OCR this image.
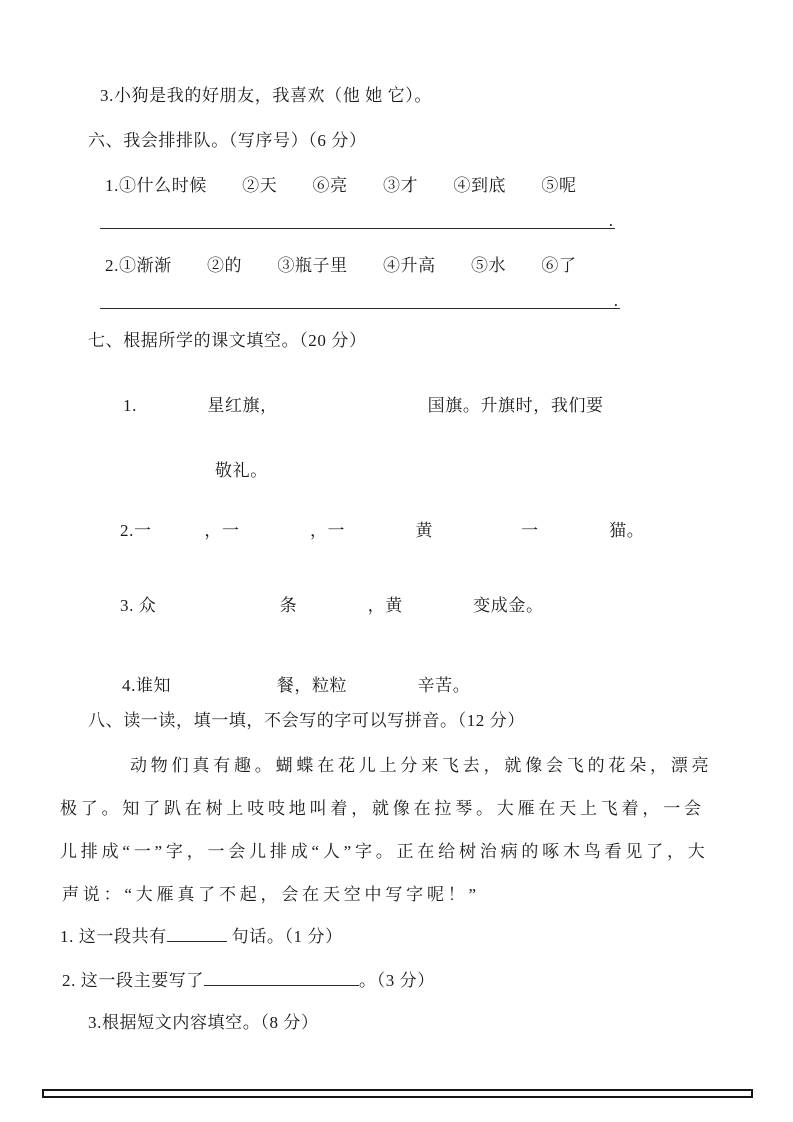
3.小狗是我的好朋友，我喜欢（他 她 它）。
六、我会排排队。（写序号）（6 分）
1.①什么时候　　②天　　⑥亮　　③才　　④到底　　⑤呢
.
2.①渐渐　　②的　　③瓶子里　　④升高　　⑤水　　⑥了
.
七、根据所学的课文填空。（20 分）
1.　　　　星红旗，　　　　　　　　　国旗。升旗时，我们要
敬礼。
2.一　　　，一　　　　，一　　　　黄　　　　　一　　　　猫。
3. 众　　　　　　　条　　　　，黄　　　　变成金。
4.谁知　　　　　　餐，粒粒　　　　辛苦。
八、读一读，填一填，不会写的字可以写拼音。（12 分）
动物们真有趣。蝴蝶在花儿上分来飞去，就像会飞的花朵，漂亮
极了。知了趴在树上吱吱地叫着，就像在拉琴。大雁在天上飞着，一会
儿排成“一”字，一会儿排成“人”字。正在给树治病的啄木鸟看见了，大
声说：“大雁真了不起，会在天空中写字呢！”
1. 这一段共有	句话。（1 分）
2. 这一段主要写了	。（3 分）
3.根据短文内容填空。（8 分）
